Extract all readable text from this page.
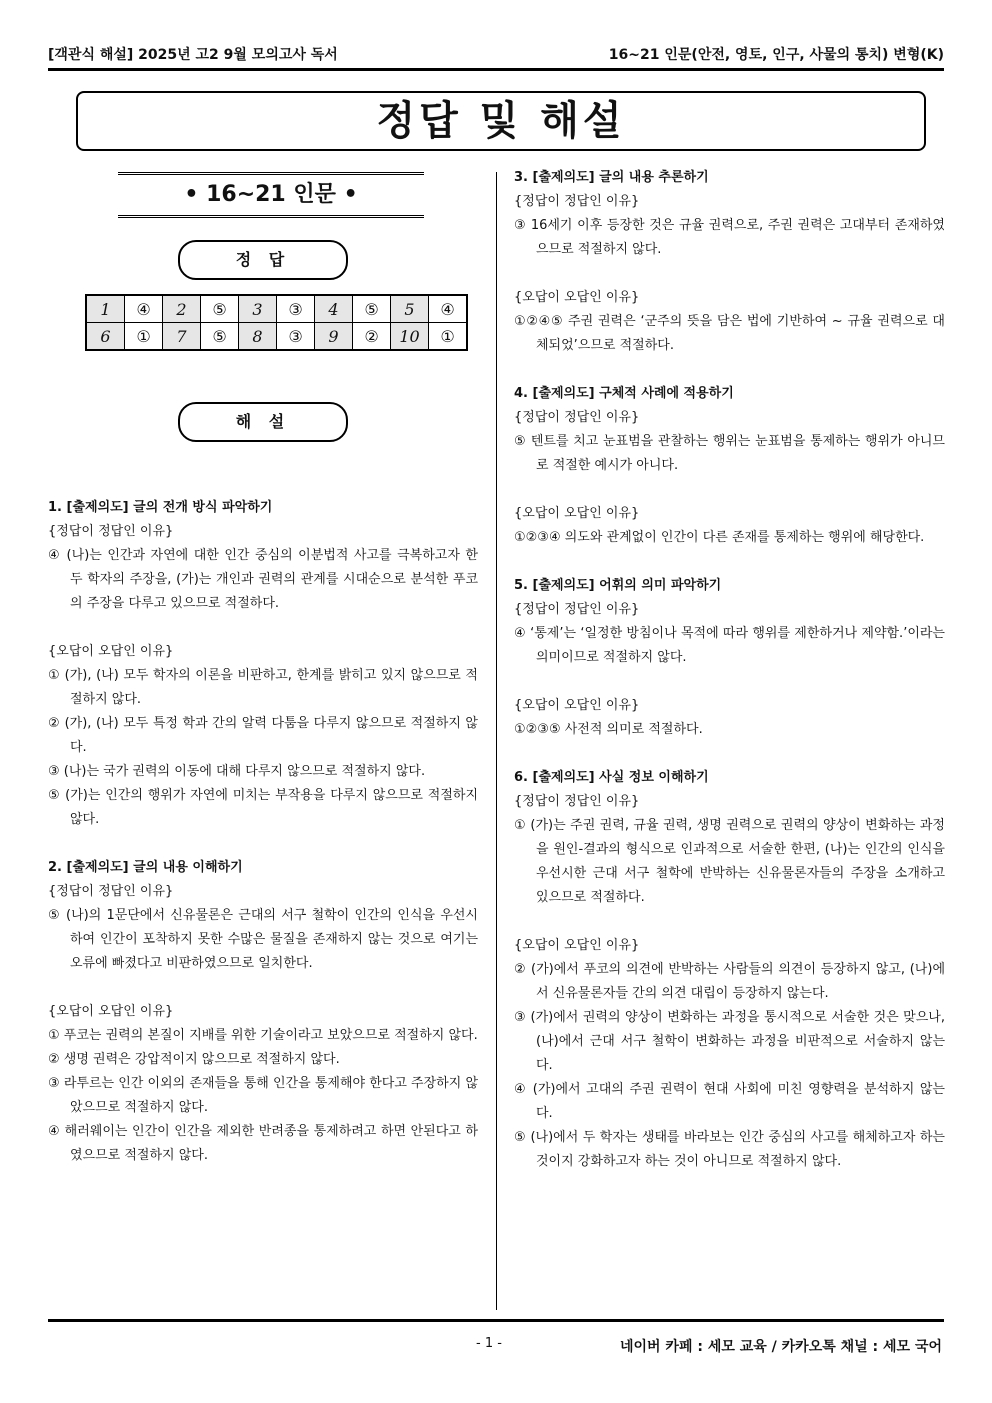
[객관식 해설] 2025년 고2 9월 모의고사 독서	16~21 인문(안전, 영토, 인구, 사물의 통치) 변형(K)
정답 및 해설
• 16~21 인문 •
정 답
1	④	2	⑤	3	③	4	⑤	5	④
6	①	7	⑤	8	③	9	②	10	①
해 설
1. [출제의도] 글의 전개 방식 파악하기
{정답이 정답인 이유}
④ (나)는 인간과 자연에 대한 인간 중심의 이분법적 사고를 극복하고자 한 두 학자의 주장을, (가)는 개인과 권력의 관계를 시대순으로 분석한 푸코의 주장을 다루고 있으므로 적절하다.
{오답이 오답인 이유}
① (가), (나) 모두 학자의 이론을 비판하고, 한계를 밝히고 있지 않으므로 적절하지 않다.
② (가), (나) 모두 특정 학과 간의 알력 다툼을 다루지 않으므로 적절하지 않다.
③ (나)는 국가 권력의 이동에 대해 다루지 않으므로 적절하지 않다.
⑤ (가)는 인간의 행위가 자연에 미치는 부작용을 다루지 않으므로 적절하지 않다.
2. [출제의도] 글의 내용 이해하기
{정답이 정답인 이유}
⑤ (나)의 1문단에서 신유물론은 근대의 서구 철학이 인간의 인식을 우선시하여 인간이 포착하지 못한 수많은 물질을 존재하지 않는 것으로 여기는 오류에 빠졌다고 비판하였으므로 일치한다.
{오답이 오답인 이유}
① 푸코는 권력의 본질이 지배를 위한 기술이라고 보았으므로 적절하지 않다.
② 생명 권력은 강압적이지 않으므로 적절하지 않다.
③ 라투르는 인간 이외의 존재들을 통해 인간을 통제해야 한다고 주장하지 않았으므로 적절하지 않다.
④ 해러웨이는 인간이 인간을 제외한 반려종을 통제하려고 하면 안된다고 하였으므로 적절하지 않다.
3. [출제의도] 글의 내용 추론하기
{정답이 정답인 이유}
③ 16세기 이후 등장한 것은 규율 권력으로, 주권 권력은 고대부터 존재하였으므로 적절하지 않다.
{오답이 오답인 이유}
①②④⑤ 주권 권력은 ‘군주의 뜻을 담은 법에 기반하여 ~ 규율 권력으로 대체되었’으므로 적절하다.
4. [출제의도] 구체적 사례에 적용하기
{정답이 정답인 이유}
⑤ 텐트를 치고 눈표범을 관찰하는 행위는 눈표범을 통제하는 행위가 아니므로 적절한 예시가 아니다.
{오답이 오답인 이유}
①②③④ 의도와 관계없이 인간이 다른 존재를 통제하는 행위에 해당한다.
5. [출제의도] 어휘의 의미 파악하기
{정답이 정답인 이유}
④ ‘통제’는 ‘일정한 방침이나 목적에 따라 행위를 제한하거나 제약함.’이라는 의미이므로 적절하지 않다.
{오답이 오답인 이유}
①②③⑤ 사전적 의미로 적절하다.
6. [출제의도] 사실 정보 이해하기
{정답이 정답인 이유}
① (가)는 주권 권력, 규율 권력, 생명 권력으로 권력의 양상이 변화하는 과정을 원인-결과의 형식으로 인과적으로 서술한 한편, (나)는 인간의 인식을 우선시한 근대 서구 철학에 반박하는 신유물론자들의 주장을 소개하고 있으므로 적절하다.
{오답이 오답인 이유}
② (가)에서 푸코의 의견에 반박하는 사람들의 의견이 등장하지 않고, (나)에서 신유물론자들 간의 의견 대립이 등장하지 않는다.
③ (가)에서 권력의 양상이 변화하는 과정을 통시적으로 서술한 것은 맞으나, (나)에서 근대 서구 철학이 변화하는 과정을 비판적으로 서술하지 않는다.
④ (가)에서 고대의 주권 권력이 현대 사회에 미친 영향력을 분석하지 않는다.
⑤ (나)에서 두 학자는 생태를 바라보는 인간 중심의 사고를 해체하고자 하는 것이지 강화하고자 하는 것이 아니므로 적절하지 않다.
- 1 -	네이버 카페 : 세모 교육 / 카카오톡 채널 : 세모 국어
